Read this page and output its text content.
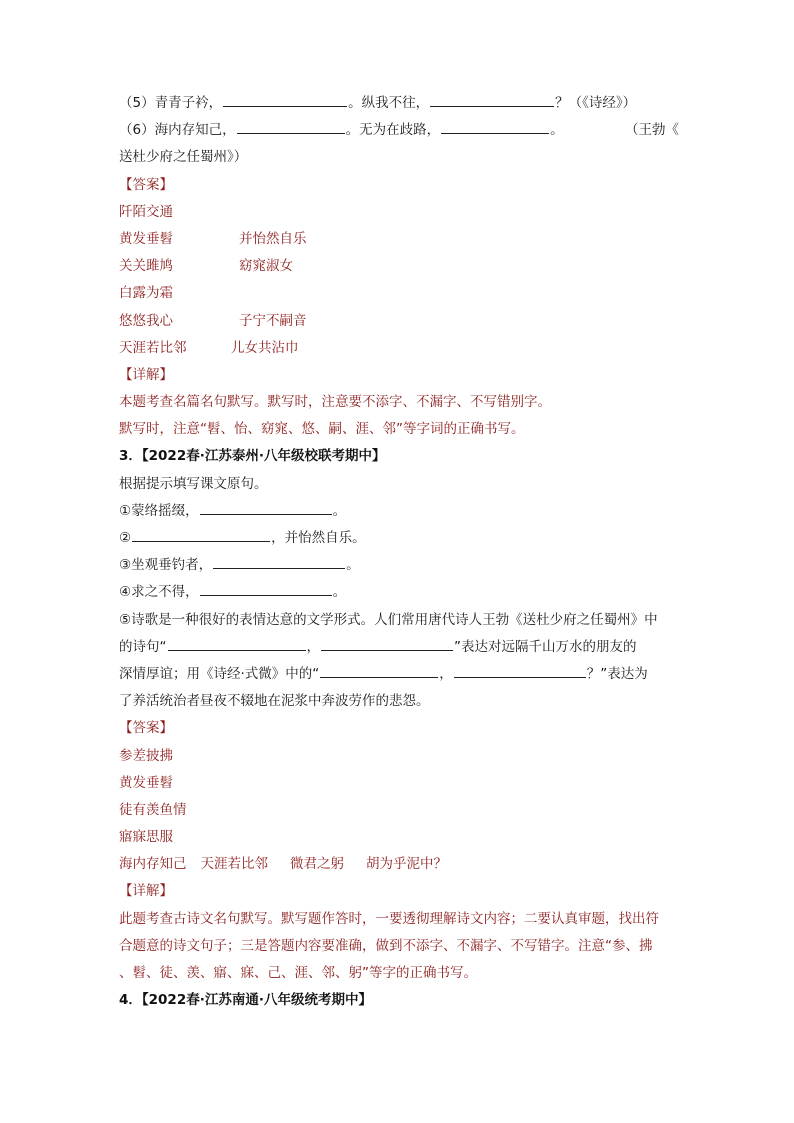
（5）青青子衿，	。纵我不往，	？（《诗经》）
（6）海内存知己，	。无为在歧路，	。	（王勃《
送杜少府之任蜀州》）
【答案】
阡陌交通
黄发垂髫	并怡然自乐
关关雎鸠	窈窕淑女
白露为霜
悠悠我心	子宁不嗣音
天涯若比邻	儿女共沾巾
【详解】
本题考查名篇名句默写。默写时，注意要不添字、不漏字、不写错别字。
默写时，注意“髫、怡、窈窕、悠、嗣、涯、邻”等字词的正确书写。
3．【2022春·江苏泰州·八年级校联考期中】
根据提示填写课文原句。
①蒙络摇缀，	。
②	，并怡然自乐。
③坐观垂钓者，	。
④求之不得，	。
⑤诗歌是一种很好的表情达意的文学形式。人们常用唐代诗人王勃《送杜少府之任蜀州》中
的诗句“	，	”表达对远隔千山万水的朋友的
深情厚谊；用《诗经·式微》中的“	，	？”表达为
了养活统治者昼夜不辍地在泥浆中奔波劳作的悲怨。
【答案】
参差披拂
黄发垂髫
徒有羡鱼情
寤寐思服
海内存知己 天涯若比邻 微君之躬 胡为乎泥中？
【详解】
此题考查古诗文名句默写。默写题作答时，一要透彻理解诗文内容；二要认真审题，找出符
合题意的诗文句子；三是答题内容要准确，做到不添字、不漏字、不写错字。注意“参、拂
、髫、徒、羡、寤、寐、己、涯、邻、躬”等字的正确书写。
4．【2022春·江苏南通·八年级统考期中】
